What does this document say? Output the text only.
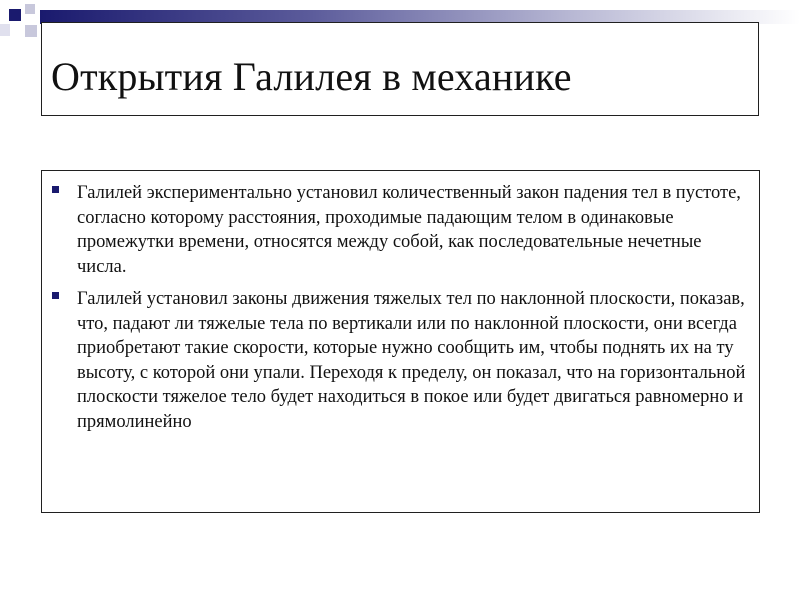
Открытия Галилея в механике
Галилей экспериментально установил количественный закон падения тел в пустоте, согласно которому расстояния, проходимые падающим телом в одинаковые промежутки времени, относятся между собой, как последовательные нечетные числа.
Галилей установил законы движения тяжелых тел по наклонной плоскости, показав, что, падают ли тяжелые тела по вертикали или по наклонной плоскости, они всегда приобретают такие скорости, которые нужно сообщить им, чтобы поднять их на ту высоту, с которой они упали. Переходя к пределу, он показал, что на горизонтальной плоскости тяжелое тело будет находиться в покое или будет двигаться равномерно и прямолинейно
